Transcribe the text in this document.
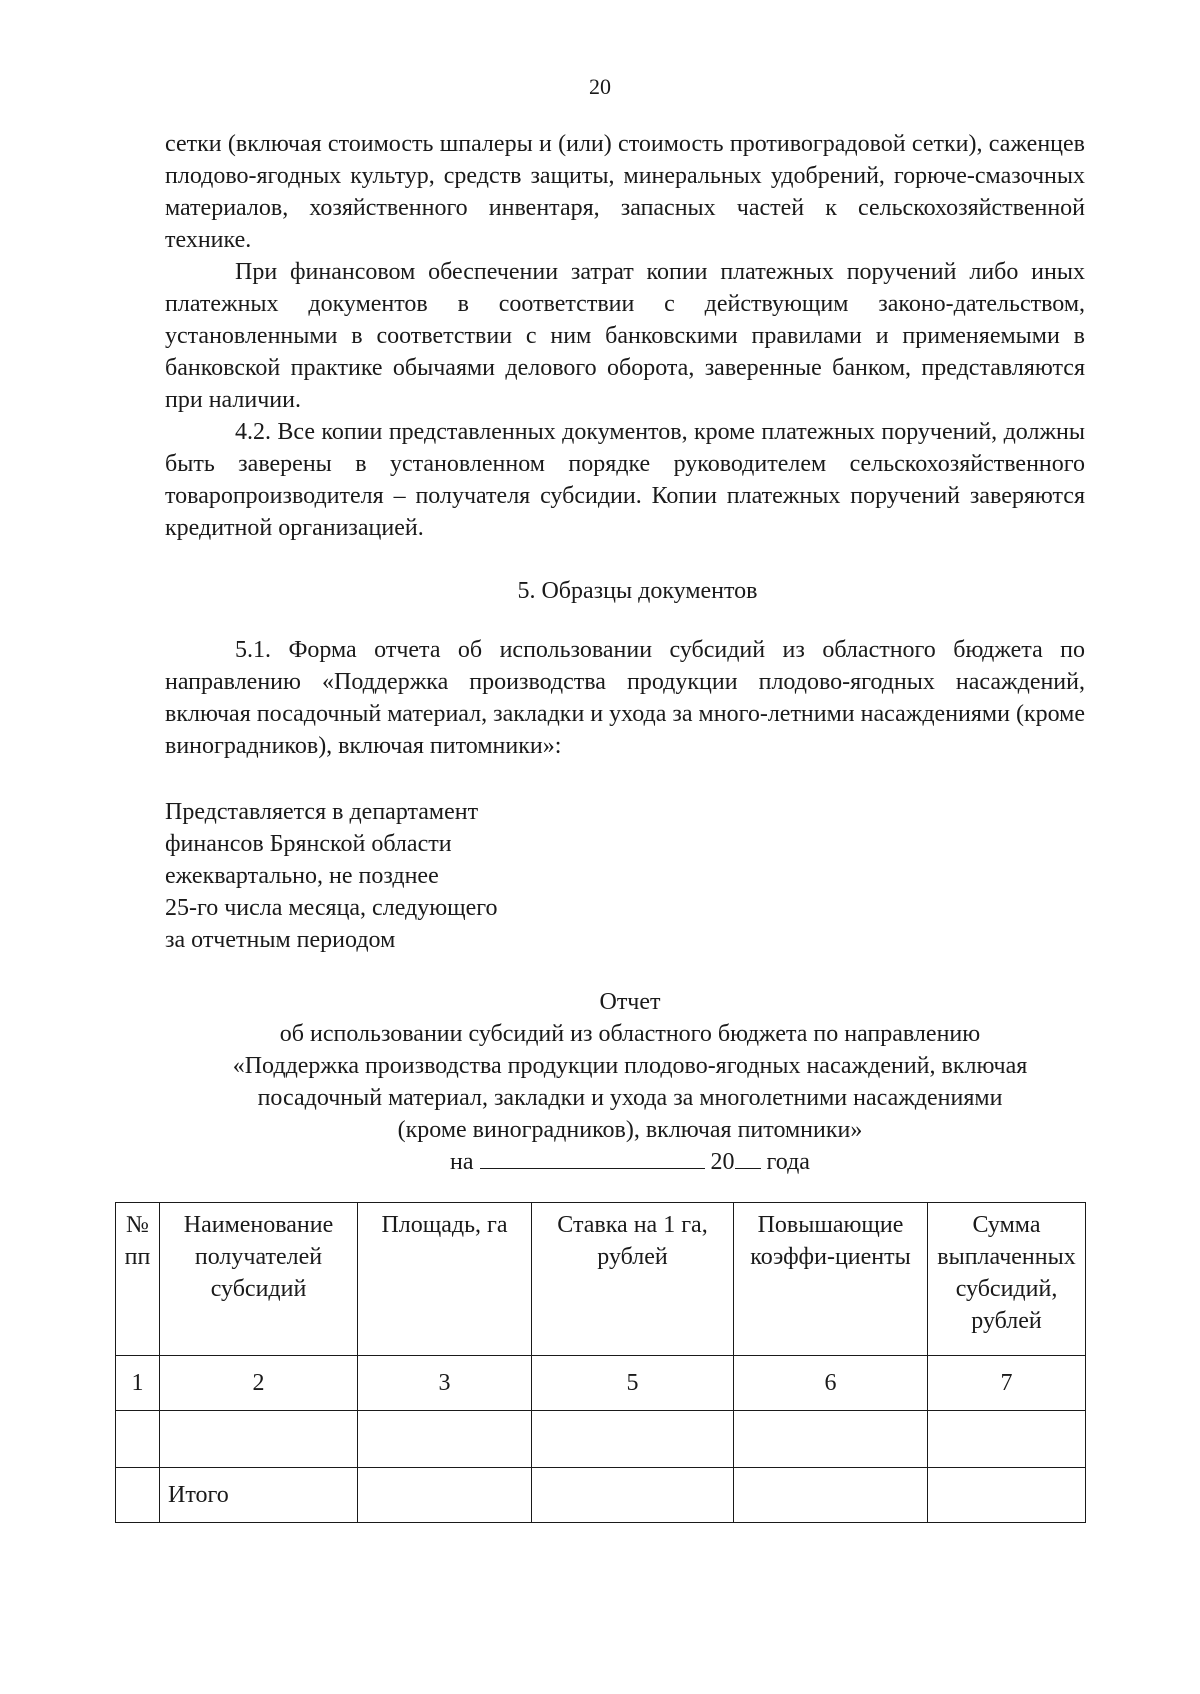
20

сетки (включая стоимость шпалеры и (или) стоимость противоградовой сетки), саженцев плодово-ягодных культур, средств защиты, минеральных удобрений, горюче-смазочных материалов, хозяйственного инвентаря, запасных частей к сельскохозяйственной технике.

При финансовом обеспечении затрат копии платежных поручений либо иных платежных документов в соответствии с действующим законо-дательством, установленными в соответствии с ним банковскими правилами и применяемыми в банковской практике обычаями делового оборота, заверенные банком, представляются при наличии.

4.2. Все копии представленных документов, кроме платежных поручений, должны быть заверены в установленном порядке руководителем сельскохозяйственного товаропроизводителя – получателя субсидии. Копии платежных поручений заверяются кредитной организацией.

5. Образцы документов
5.1. Форма отчета об использовании субсидий из областного бюджета по направлению «Поддержка производства продукции плодово-ягодных насаждений, включая посадочный материал, закладки и ухода за много-летними насаждениями (кроме виноградников), включая питомники»:
Представляется в департамент
финансов Брянской области
ежеквартально, не позднее
25-го числа месяца, следующего
за отчетным периодом
Отчет
об использовании субсидий из областного бюджета по направлению
«Поддержка производства продукции плодово-ягодных насаждений, включая
посадочный материал, закладки и ухода за многолетними насаждениями
(кроме виноградников), включая питомники»
на	20 года
№ пп	Наименование получателей субсидий	Площадь, га	Ставка на 1 га, рублей	Повышающие коэффи-циенты	Сумма выплаченных субсидий, рублей
1	2	3	5	6	7

	Итого				
